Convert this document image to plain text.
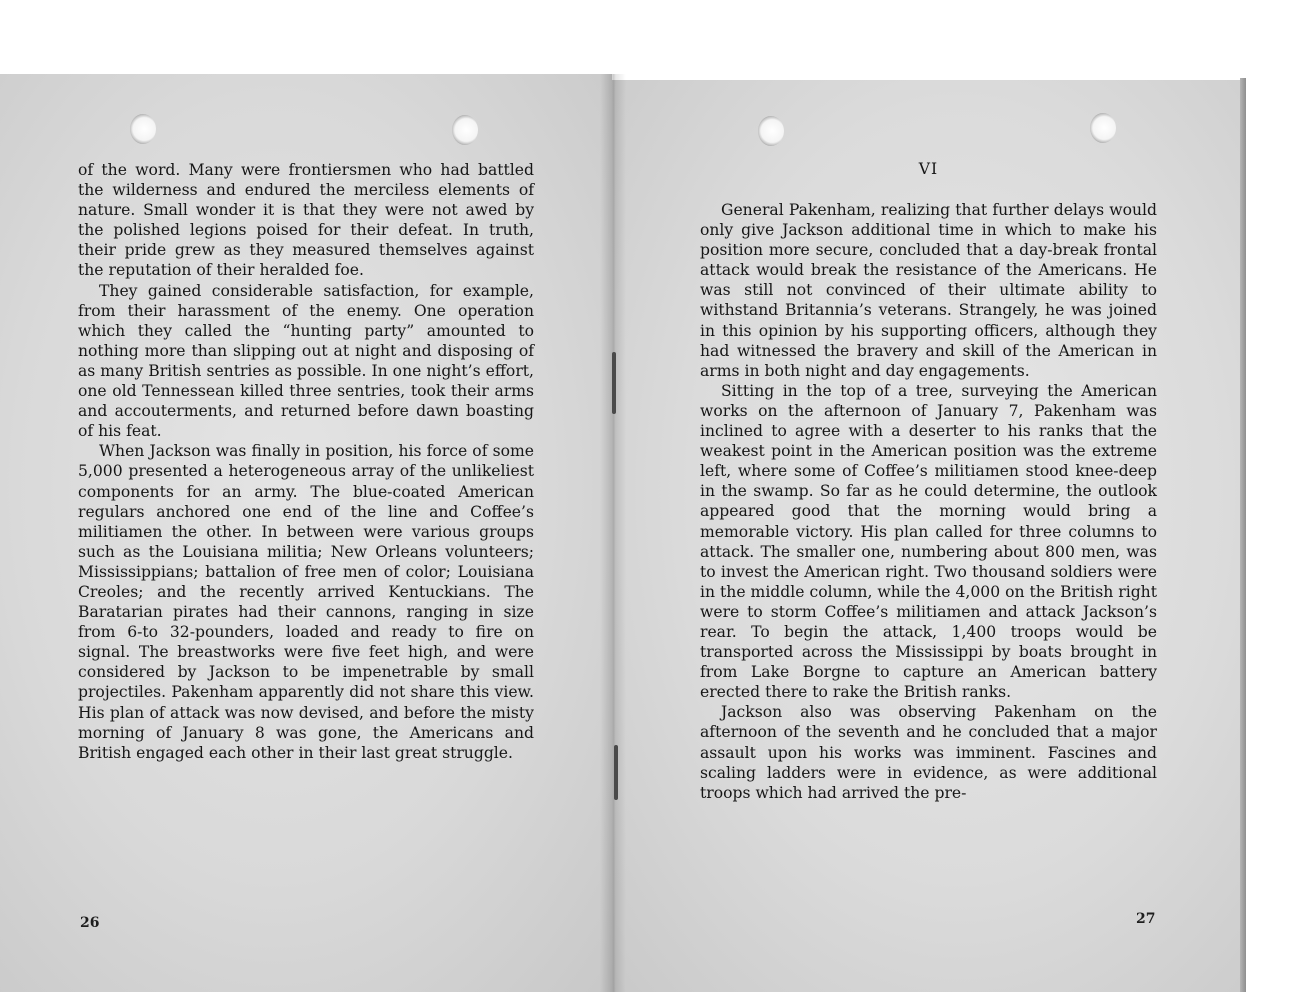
of the word. Many were frontiersmen who had battled the wilderness and endured the merciless elements of nature. Small wonder it is that they were not awed by the polished legions poised for their defeat. In truth, their pride grew as they measured themselves against the reputation of their heralded foe.

They gained considerable satisfaction, for example, from their harassment of the enemy. One operation which they called the “hunting party” amounted to nothing more than slipping out at night and disposing of as many British sentries as possible. In one night’s effort, one old Tennessean killed three sentries, took their arms and accouterments, and returned before dawn boasting of his feat.

When Jackson was finally in position, his force of some 5,000 presented a heterogeneous array of the unlikeliest components for an army. The blue-coated American regulars anchored one end of the line and Coffee’s militiamen the other. In between were various groups such as the Louisiana militia; New Orleans volunteers; Mississippians; battalion of free men of color; Louisiana Creoles; and the recently arrived Kentuckians. The Baratarian pirates had their cannons, ranging in size from 6-to 32-pounders, loaded and ready to fire on signal. The breastworks were five feet high, and were considered by Jackson to be impenetrable by small projectiles. Pakenham apparently did not share this view. His plan of attack was now devised, and before the misty morning of January 8 was gone, the Americans and British engaged each other in their last great struggle.

VI

General Pakenham, realizing that further delays would only give Jackson additional time in which to make his position more secure, concluded that a day-break frontal attack would break the resistance of the Americans. He was still not convinced of their ultimate ability to withstand Britannia’s veterans. Strangely, he was joined in this opinion by his supporting officers, although they had witnessed the bravery and skill of the American in arms in both night and day engagements.

Sitting in the top of a tree, surveying the American works on the afternoon of January 7, Pakenham was inclined to agree with a deserter to his ranks that the weakest point in the American position was the extreme left, where some of Coffee’s militiamen stood knee-deep in the swamp. So far as he could determine, the outlook appeared good that the morning would bring a memorable victory. His plan called for three columns to attack. The smaller one, numbering about 800 men, was to invest the American right. Two thousand soldiers were in the middle column, while the 4,000 on the British right were to storm Coffee’s militiamen and attack Jackson’s rear. To begin the attack, 1,400 troops would be transported across the Mississippi by boats brought in from Lake Borgne to capture an American battery erected there to rake the British ranks.

Jackson also was observing Pakenham on the afternoon of the seventh and he concluded that a major assault upon his works was imminent. Fascines and scaling ladders were in evidence, as were additional troops which had arrived the pre-

26	27
